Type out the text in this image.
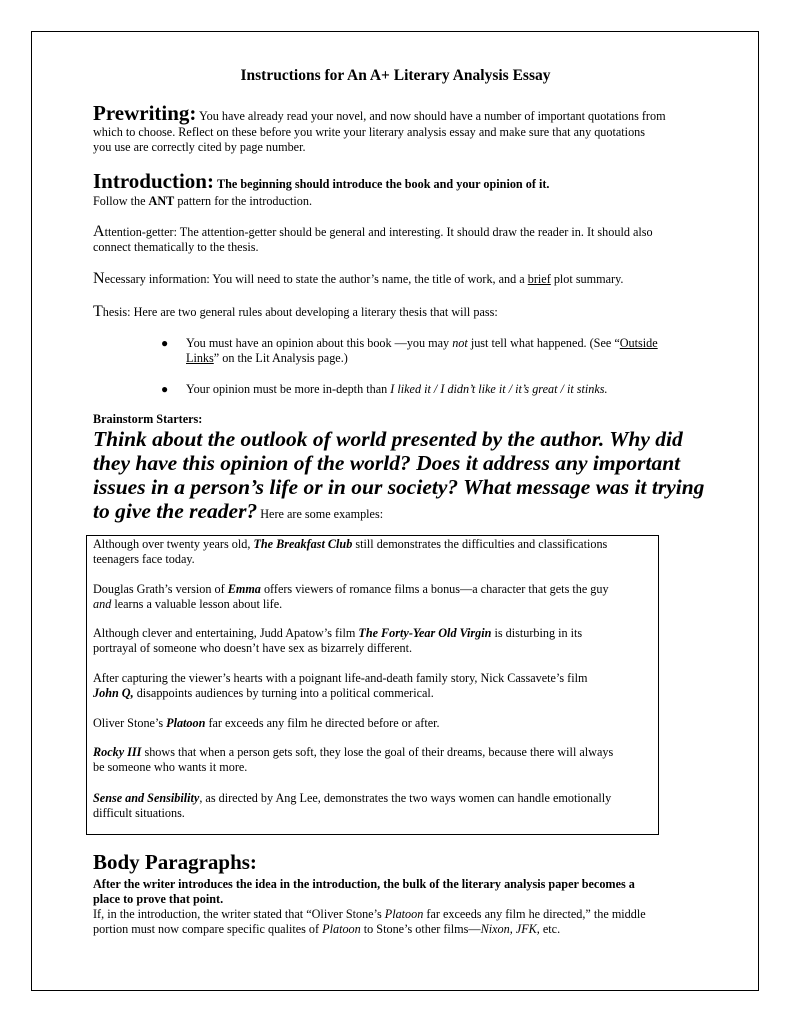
Instructions for An A+ Literary Analysis Essay
Prewriting: You have already read your novel, and now should have a number of important quotations from
which to choose. Reflect on these before you write your literary analysis essay and make sure that any quotations
you use are correctly cited by page number.
Introduction: The beginning should introduce the book and your opinion of it.
Follow the ANT pattern for the introduction.
Attention-getter: The attention-getter should be general and interesting. It should draw the reader in. It should also
connect thematically to the thesis.
Necessary information: You will need to state the author’s name, the title of work, and a brief plot summary.
Thesis: Here are two general rules about developing a literary thesis that will pass:
● You must have an opinion about this book —you may not just tell what happened. (See “Outside
Links” on the Lit Analysis page.)
● Your opinion must be more in-depth than I liked it / I didn’t like it / it’s great / it stinks.
Brainstorm Starters:
Think about the outlook of world presented by the author. Why did
they have this opinion of the world? Does it address any important
issues in a person’s life or in our society? What message was it trying
to give the reader? Here are some examples:
Although over twenty years old, The Breakfast Club still demonstrates the difficulties and classifications
teenagers face today.
Douglas Grath’s version of Emma offers viewers of romance films a bonus—a character that gets the guy
and learns a valuable lesson about life.
Although clever and entertaining, Judd Apatow’s film The Forty-Year Old Virgin is disturbing in its
portrayal of someone who doesn’t have sex as bizarrely different.
After capturing the viewer’s hearts with a poignant life-and-death family story, Nick Cassavete’s film
John Q, disappoints audiences by turning into a political commerical.
Oliver Stone’s Platoon far exceeds any film he directed before or after.
Rocky III shows that when a person gets soft, they lose the goal of their dreams, because there will always
be someone who wants it more.
Sense and Sensibility, as directed by Ang Lee, demonstrates the two ways women can handle emotionally
difficult situations.
Body Paragraphs:
After the writer introduces the idea in the introduction, the bulk of the literary analysis paper becomes a
place to prove that point.
If, in the introduction, the writer stated that “Oliver Stone’s Platoon far exceeds any film he directed,” the middle
portion must now compare specific qualites of Platoon to Stone’s other films—Nixon, JFK, etc.
